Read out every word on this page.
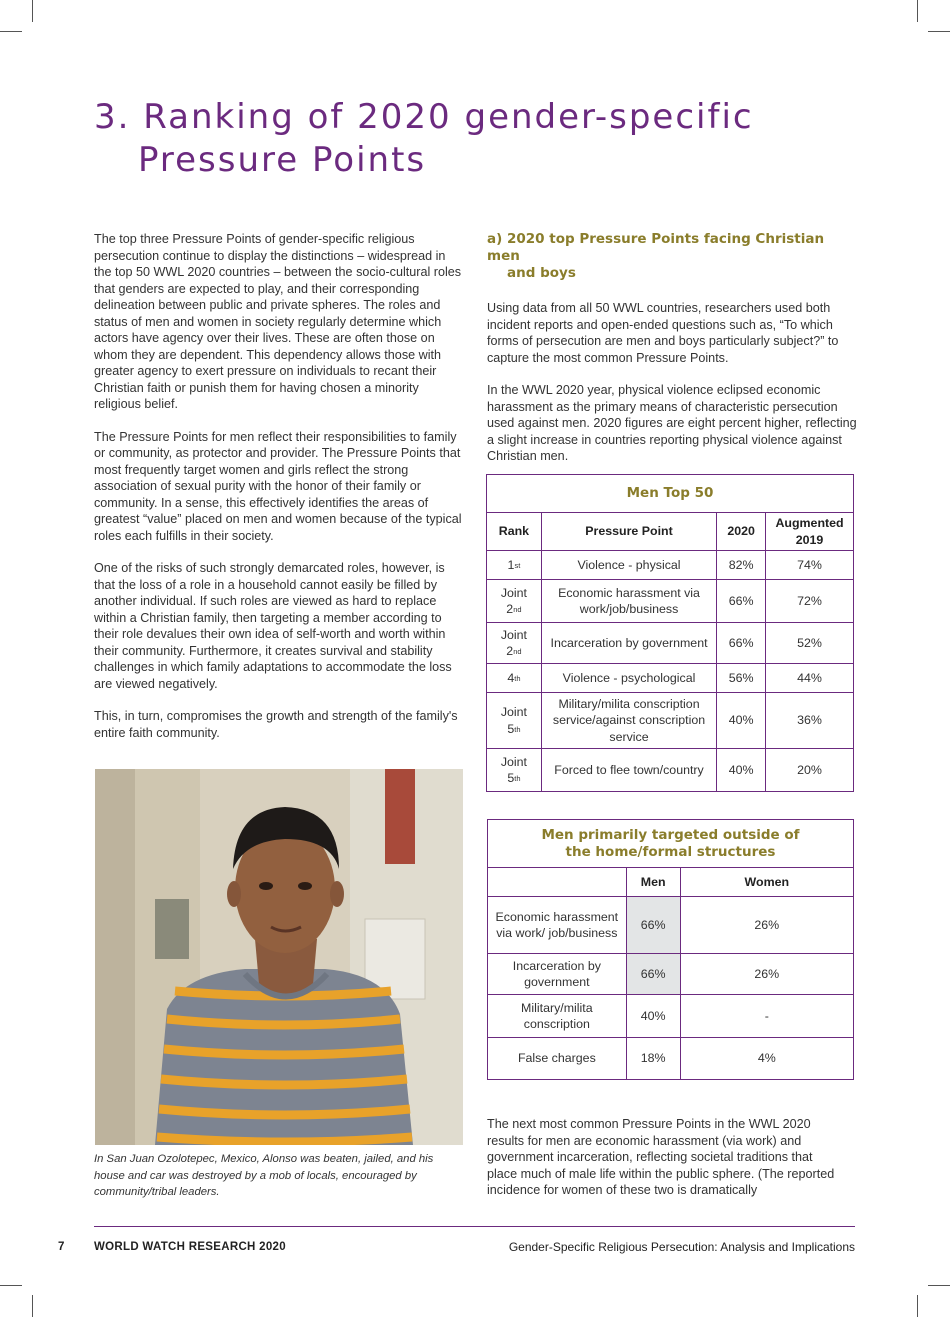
3. Ranking of 2020 gender-specific
Pressure Points

The top three Pressure Points of gender-specific religious persecution continue to display the distinctions – widespread in the top 50 WWL 2020 countries – between the socio-cultural roles that genders are expected to play, and their corresponding delineation between public and private spheres. The roles and status of men and women in society regularly determine which actors have agency over their lives. These are often those on whom they are dependent. This dependency allows those with greater agency to exert pressure on individuals to recant their Christian faith or punish them for having chosen a minority religious belief.

The Pressure Points for men reflect their responsibilities to family or community, as protector and provider. The Pressure Points that most frequently target women and girls reflect the strong association of sexual purity with the honor of their family or community. In a sense, this effectively identifies the areas of greatest “value” placed on men and women because of the typical roles each fulfills in their society.

One of the risks of such strongly demarcated roles, however, is that the loss of a role in a household cannot easily be filled by another individual. If such roles are viewed as hard to replace within a Christian family, then targeting a member according to their role devalues their own idea of self-worth and worth within their community. Furthermore, it creates survival and stability challenges in which family adaptations to accommodate the loss are viewed negatively.

This, in turn, compromises the growth and strength of the family's entire faith community.

In San Juan Ozolotepec, Mexico, Alonso was beaten, jailed, and his house and car was destroyed by a mob of locals, encouraged by community/tribal leaders.
a) 2020 top Pressure Points facing Christian men
and boys

Using data from all 50 WWL countries, researchers used both incident reports and open-ended questions such as, “To which forms of persecution are men and boys particularly subject?” to capture the most common Pressure Points.

In the WWL 2020 year, physical violence eclipsed economic harassment as the primary means of characteristic persecution used against men. 2020 figures are eight percent higher, reflecting a slight increase in countries reporting physical violence against Christian men.

Men Top 50			
Rank	Pressure Point	2020	Augmented 2019
1st	Violence - physical	82%	74%
Joint
2nd	Economic harassment via work/job/business	66%	72%
Joint
2nd	Incarceration by government	66%	52%
4th	Violence - psychological	56%	44%
Joint
5th	Military/milita conscription service/against conscription service	40%	36%
Joint
5th	Forced to flee town/country	40%	20%
Men primarily targeted outside of
the home/formal structures		
	Men	Women
Economic harassment via work/ job/business	66%	26%
Incarceration by government	66%	26%
Military/milita conscription	40%	-
False charges	18%	4%
The next most common Pressure Points in the WWL 2020 results for men are economic harassment (via work) and government incarceration, reflecting societal traditions that place much of male life within the public sphere. (The reported incidence for women of these two is dramatically
7	WORLD WATCH RESEARCH 2020	Gender-Specific Religious Persecution: Analysis and Implications
